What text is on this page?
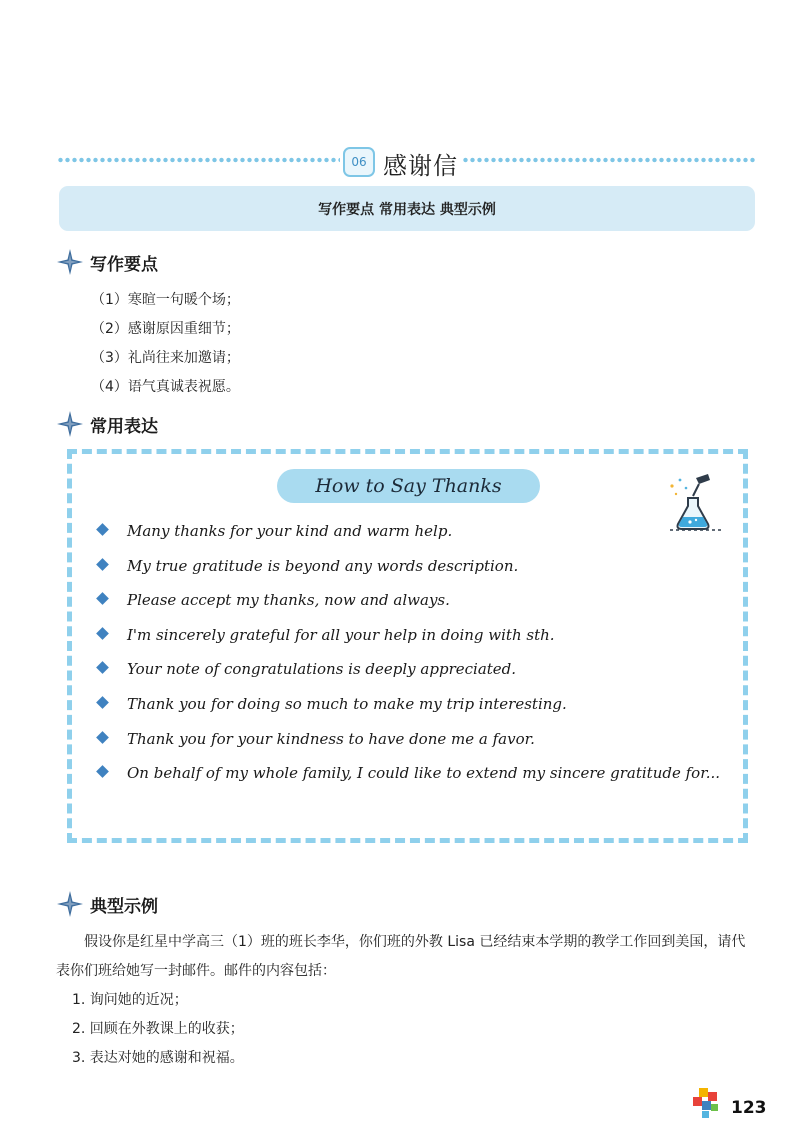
06 感谢信
写作要点 常用表达 典型示例
写作要点
（1）寒暄一句暖个场；
（2）感谢原因重细节；
（3）礼尚往来加邀请；
（4）语气真诚表祝愿。
常用表达
How to Say Thanks
Many thanks for your kind and warm help.
My true gratitude is beyond any words description.
Please accept my thanks, now and always.
I'm sincerely grateful for all your help in doing with sth.
Your note of congratulations is deeply appreciated.
Thank you for doing so much to make my trip interesting.
Thank you for your kindness to have done me a favor.
On behalf of my whole family, I could like to extend my sincere gratitude for...
典型示例

假设你是红星中学高三（1）班的班长李华，你们班的外教 Lisa 已经结束本学期的教学工作回到美国，请代表你们班给她写一封邮件。邮件的内容包括：

1. 询问她的近况；

2. 回顾在外教课上的收获；

3. 表达对她的感谢和祝福。

123
